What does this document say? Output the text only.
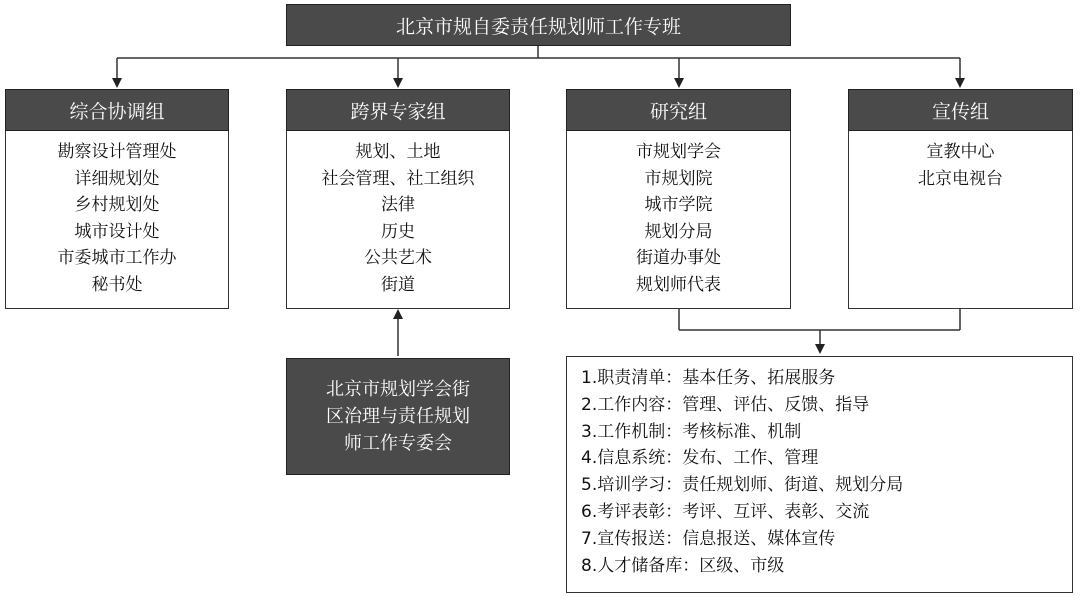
北京市规自委责任规划师工作专班
综合协调组
勘察设计管理处
详细规划处
乡村规划处
城市设计处
市委城市工作办
秘书处
跨界专家组
规划、土地
社会管理、社工组织
法律
历史
公共艺术
街道
研究组
市规划学会
市规划院
城市学院
规划分局
街道办事处
规划师代表
宣传组
宣教中心
北京电视台
北京市规划学会街
区治理与责任规划
师工作专委会
1.职责清单：基本任务、拓展服务
2.工作内容：管理、评估、反馈、指导
3.工作机制：考核标准、机制
4.信息系统：发布、工作、管理
5.培训学习：责任规划师、街道、规划分局
6.考评表彰：考评、互评、表彰、交流
7.宣传报送：信息报送、媒体宣传
8.人才储备库：区级、市级
